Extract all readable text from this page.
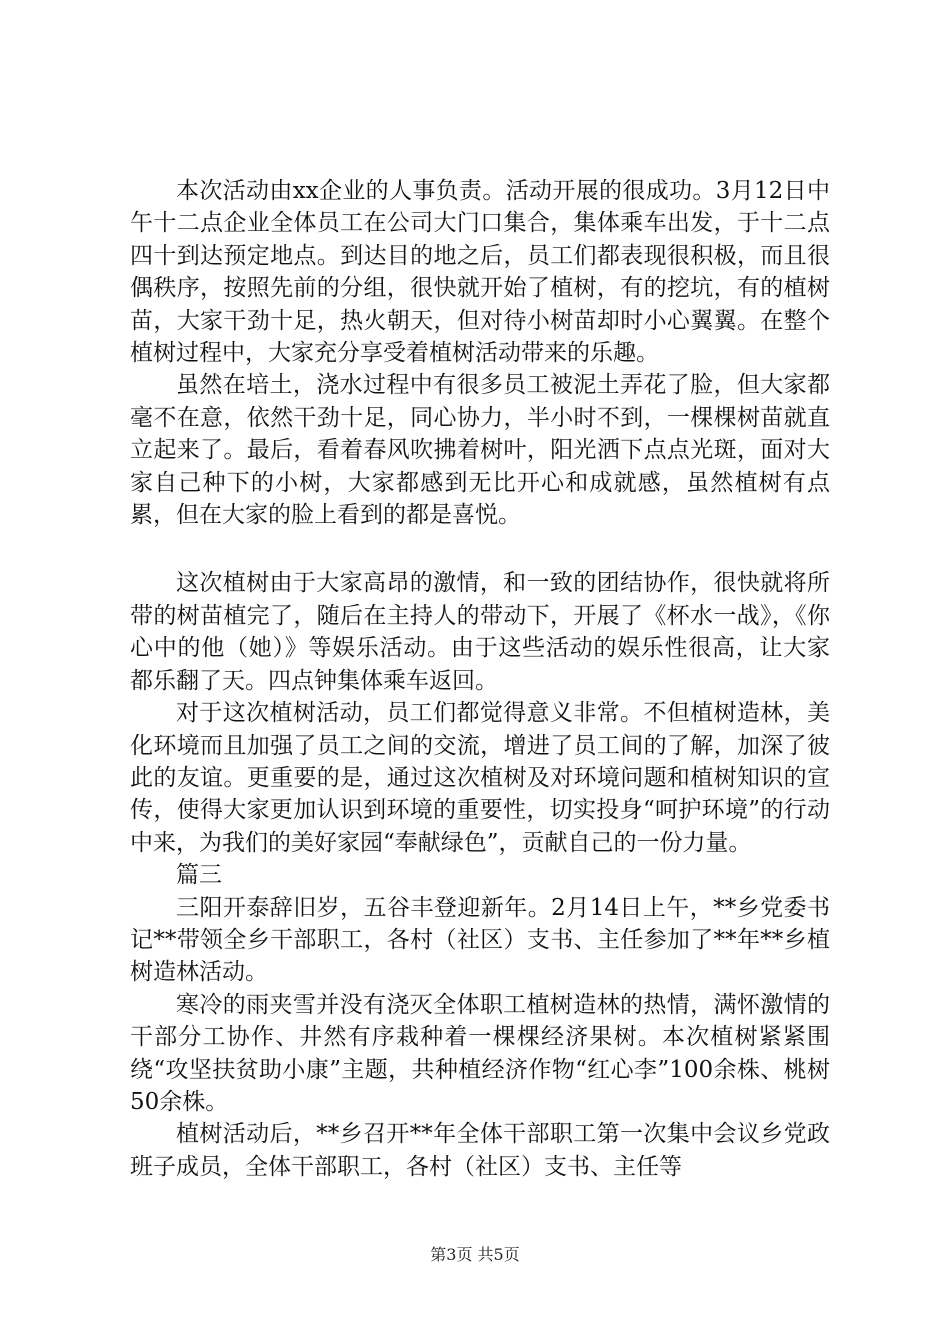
本次活动由xx企业的人事负责。活动开展的很成功。3月12日中午十二点企业全体员工在公司大门口集合，集体乘车出发，于十二点四十到达预定地点。到达目的地之后，员工们都表现很积极，而且很偶秩序，按照先前的分组，很快就开始了植树，有的挖坑，有的植树苗，大家干劲十足，热火朝天，但对待小树苗却时小心翼翼。在整个植树过程中，大家充分享受着植树活动带来的乐趣。

虽然在培土，浇水过程中有很多员工被泥土弄花了脸，但大家都毫不在意，依然干劲十足，同心协力，半小时不到，一棵棵树苗就直立起来了。最后，看着春风吹拂着树叶，阳光洒下点点光斑，面对大家自己种下的小树，大家都感到无比开心和成就感，虽然植树有点累，但在大家的脸上看到的都是喜悦。

这次植树由于大家高昂的激情，和一致的团结协作，很快就将所带的树苗植完了，随后在主持人的带动下，开展了《杯水一战》，《你心中的他（她）》等娱乐活动。由于这些活动的娱乐性很高，让大家都乐翻了天。四点钟集体乘车返回。

对于这次植树活动，员工们都觉得意义非常。不但植树造林，美化环境而且加强了员工之间的交流，增进了员工间的了解，加深了彼此的友谊。更重要的是，通过这次植树及对环境问题和植树知识的宣传，使得大家更加认识到环境的重要性，切实投身“呵护环境”的行动中来，为我们的美好家园“奉献绿色”，贡献自己的一份力量。

篇三

三阳开泰辞旧岁，五谷丰登迎新年。2月14日上午，**乡党委书记**带领全乡干部职工，各村（社区）支书、主任参加了**年**乡植树造林活动。

寒冷的雨夹雪并没有浇灭全体职工植树造林的热情，满怀激情的干部分工协作、井然有序栽种着一棵棵经济果树。本次植树紧紧围绕“攻坚扶贫助小康”主题，共种植经济作物“红心李”100余株、桃树50余株。

植树活动后，**乡召开**年全体干部职工第一次集中会议乡党政班子成员，全体干部职工，各村（社区）支书、主任等

第3页 共5页
